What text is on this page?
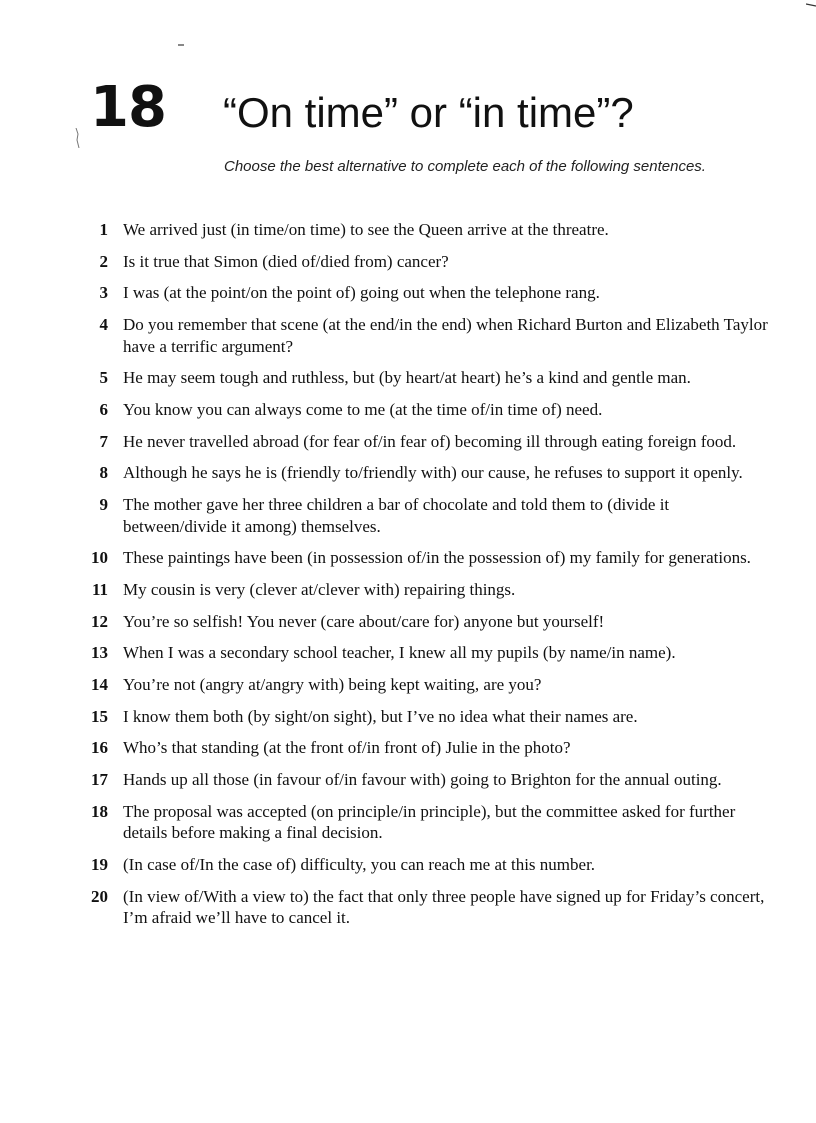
18 “On time” or “in time”?
Choose the best alternative to complete each of the following sentences.
1 We arrived just (in time/on time) to see the Queen arrive at the threatre.
2 Is it true that Simon (died of/died from) cancer?
3 I was (at the point/on the point of) going out when the telephone rang.
4 Do you remember that scene (at the end/in the end) when Richard Burton and Elizabeth Taylor have a terrific argument?
5 He may seem tough and ruthless, but (by heart/at heart) he’s a kind and gentle man.
6 You know you can always come to me (at the time of/in time of) need.
7 He never travelled abroad (for fear of/in fear of) becoming ill through eating foreign food.
8 Although he says he is (friendly to/friendly with) our cause, he refuses to support it openly.
9 The mother gave her three children a bar of chocolate and told them to (divide it between/divide it among) themselves.
10 These paintings have been (in possession of/in the possession of) my family for generations.
11 My cousin is very (clever at/clever with) repairing things.
12 You’re so selfish! You never (care about/care for) anyone but yourself!
13 When I was a secondary school teacher, I knew all my pupils (by name/in name).
14 You’re not (angry at/angry with) being kept waiting, are you?
15 I know them both (by sight/on sight), but I’ve no idea what their names are.
16 Who’s that standing (at the front of/in front of) Julie in the photo?
17 Hands up all those (in favour of/in favour with) going to Brighton for the annual outing.
18 The proposal was accepted (on principle/in principle), but the committee asked for further details before making a final decision.
19 (In case of/In the case of) difficulty, you can reach me at this number.
20 (In view of/With a view to) the fact that only three people have signed up for Friday’s concert, I’m afraid we’ll have to cancel it.
